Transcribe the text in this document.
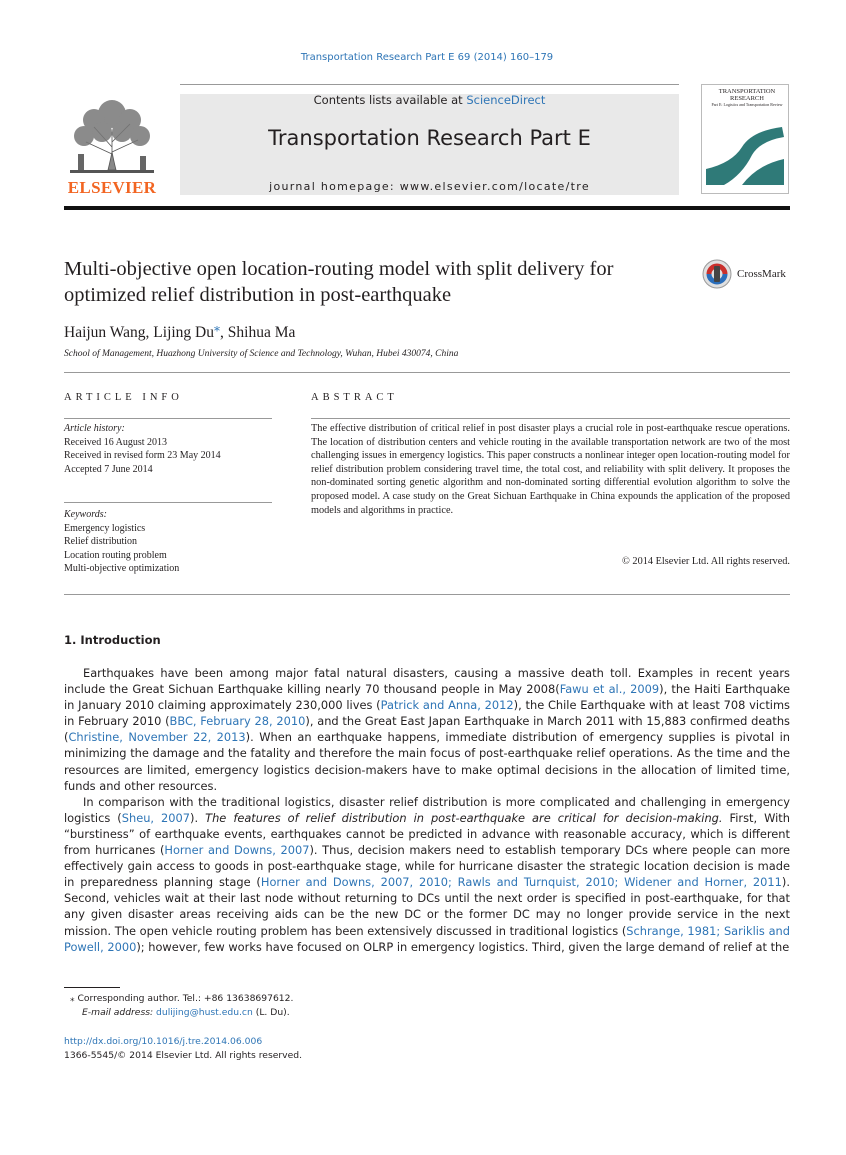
Transportation Research Part E 69 (2014) 160–179
ELSEVIER
Contents lists available at ScienceDirect
Transportation Research Part E
journal homepage: www.elsevier.com/locate/tre
TRANSPORTATION RESEARCH
Part E: Logistics and Transportation Review
Multi-objective open location-routing model with split delivery for optimized relief distribution in post-earthquake
CrossMark
Haijun Wang, Lijing Du⁎, Shihua Ma
School of Management, Huazhong University of Science and Technology, Wuhan, Hubei 430074, China
ARTICLE INFO	ABSTRACT
Article history:
Received 16 August 2013
Received in revised form 23 May 2014
Accepted 7 June 2014
Keywords:
Emergency logistics
Relief distribution
Location routing problem
Multi-objective optimization
The effective distribution of critical relief in post disaster plays a crucial role in post-earthquake rescue operations. The location of distribution centers and vehicle routing in the available transportation network are two of the most challenging issues in emergency logistics. This paper constructs a nonlinear integer open location-routing model for relief distribution problem considering travel time, the total cost, and reliability with split delivery. It proposes the non-dominated sorting genetic algorithm and non-dominated sorting differential evolution algorithm to solve the proposed model. A case study on the Great Sichuan Earthquake in China expounds the application of the proposed models and algorithms in practice.
© 2014 Elsevier Ltd. All rights reserved.
1. Introduction

Earthquakes have been among major fatal natural disasters, causing a massive death toll. Examples in recent years include the Great Sichuan Earthquake killing nearly 70 thousand people in May 2008(Fawu et al., 2009), the Haiti Earthquake in January 2010 claiming approximately 230,000 lives (Patrick and Anna, 2012), the Chile Earthquake with at least 708 victims in February 2010 (BBC, February 28, 2010), and the Great East Japan Earthquake in March 2011 with 15,883 confirmed deaths (Christine, November 22, 2013). When an earthquake happens, immediate distribution of emergency supplies is pivotal in minimizing the damage and the fatality and therefore the main focus of post-earthquake relief operations. As the time and the resources are limited, emergency logistics decision-makers have to make optimal decisions in the allocation of limited time, funds and other resources.

In comparison with the traditional logistics, disaster relief distribution is more complicated and challenging in emergency logistics (Sheu, 2007). The features of relief distribution in post-earthquake are critical for decision-making. First, With “burstiness” of earthquake events, earthquakes cannot be predicted in advance with reasonable accuracy, which is different from hurricanes (Horner and Downs, 2007). Thus, decision makers need to establish temporary DCs where people can more effectively gain access to goods in post-earthquake stage, while for hurricane disaster the strategic location decision is made in preparedness planning stage (Horner and Downs, 2007, 2010; Rawls and Turnquist, 2010; Widener and Horner, 2011). Second, vehicles wait at their last node without returning to DCs until the next order is specified in post-earthquake, for that any given disaster areas receiving aids can be the new DC or the former DC may no longer provide service in the next mission. The open vehicle routing problem has been extensively discussed in traditional logistics (Schrange, 1981; Sariklis and Powell, 2000); however, few works have focused on OLRP in emergency logistics. Third, given the large demand of relief at the

⁎ Corresponding author. Tel.: +86 13638697612.
E-mail address: dulijing@hust.edu.cn (L. Du).
http://dx.doi.org/10.1016/j.tre.2014.06.006
1366-5545/© 2014 Elsevier Ltd. All rights reserved.
